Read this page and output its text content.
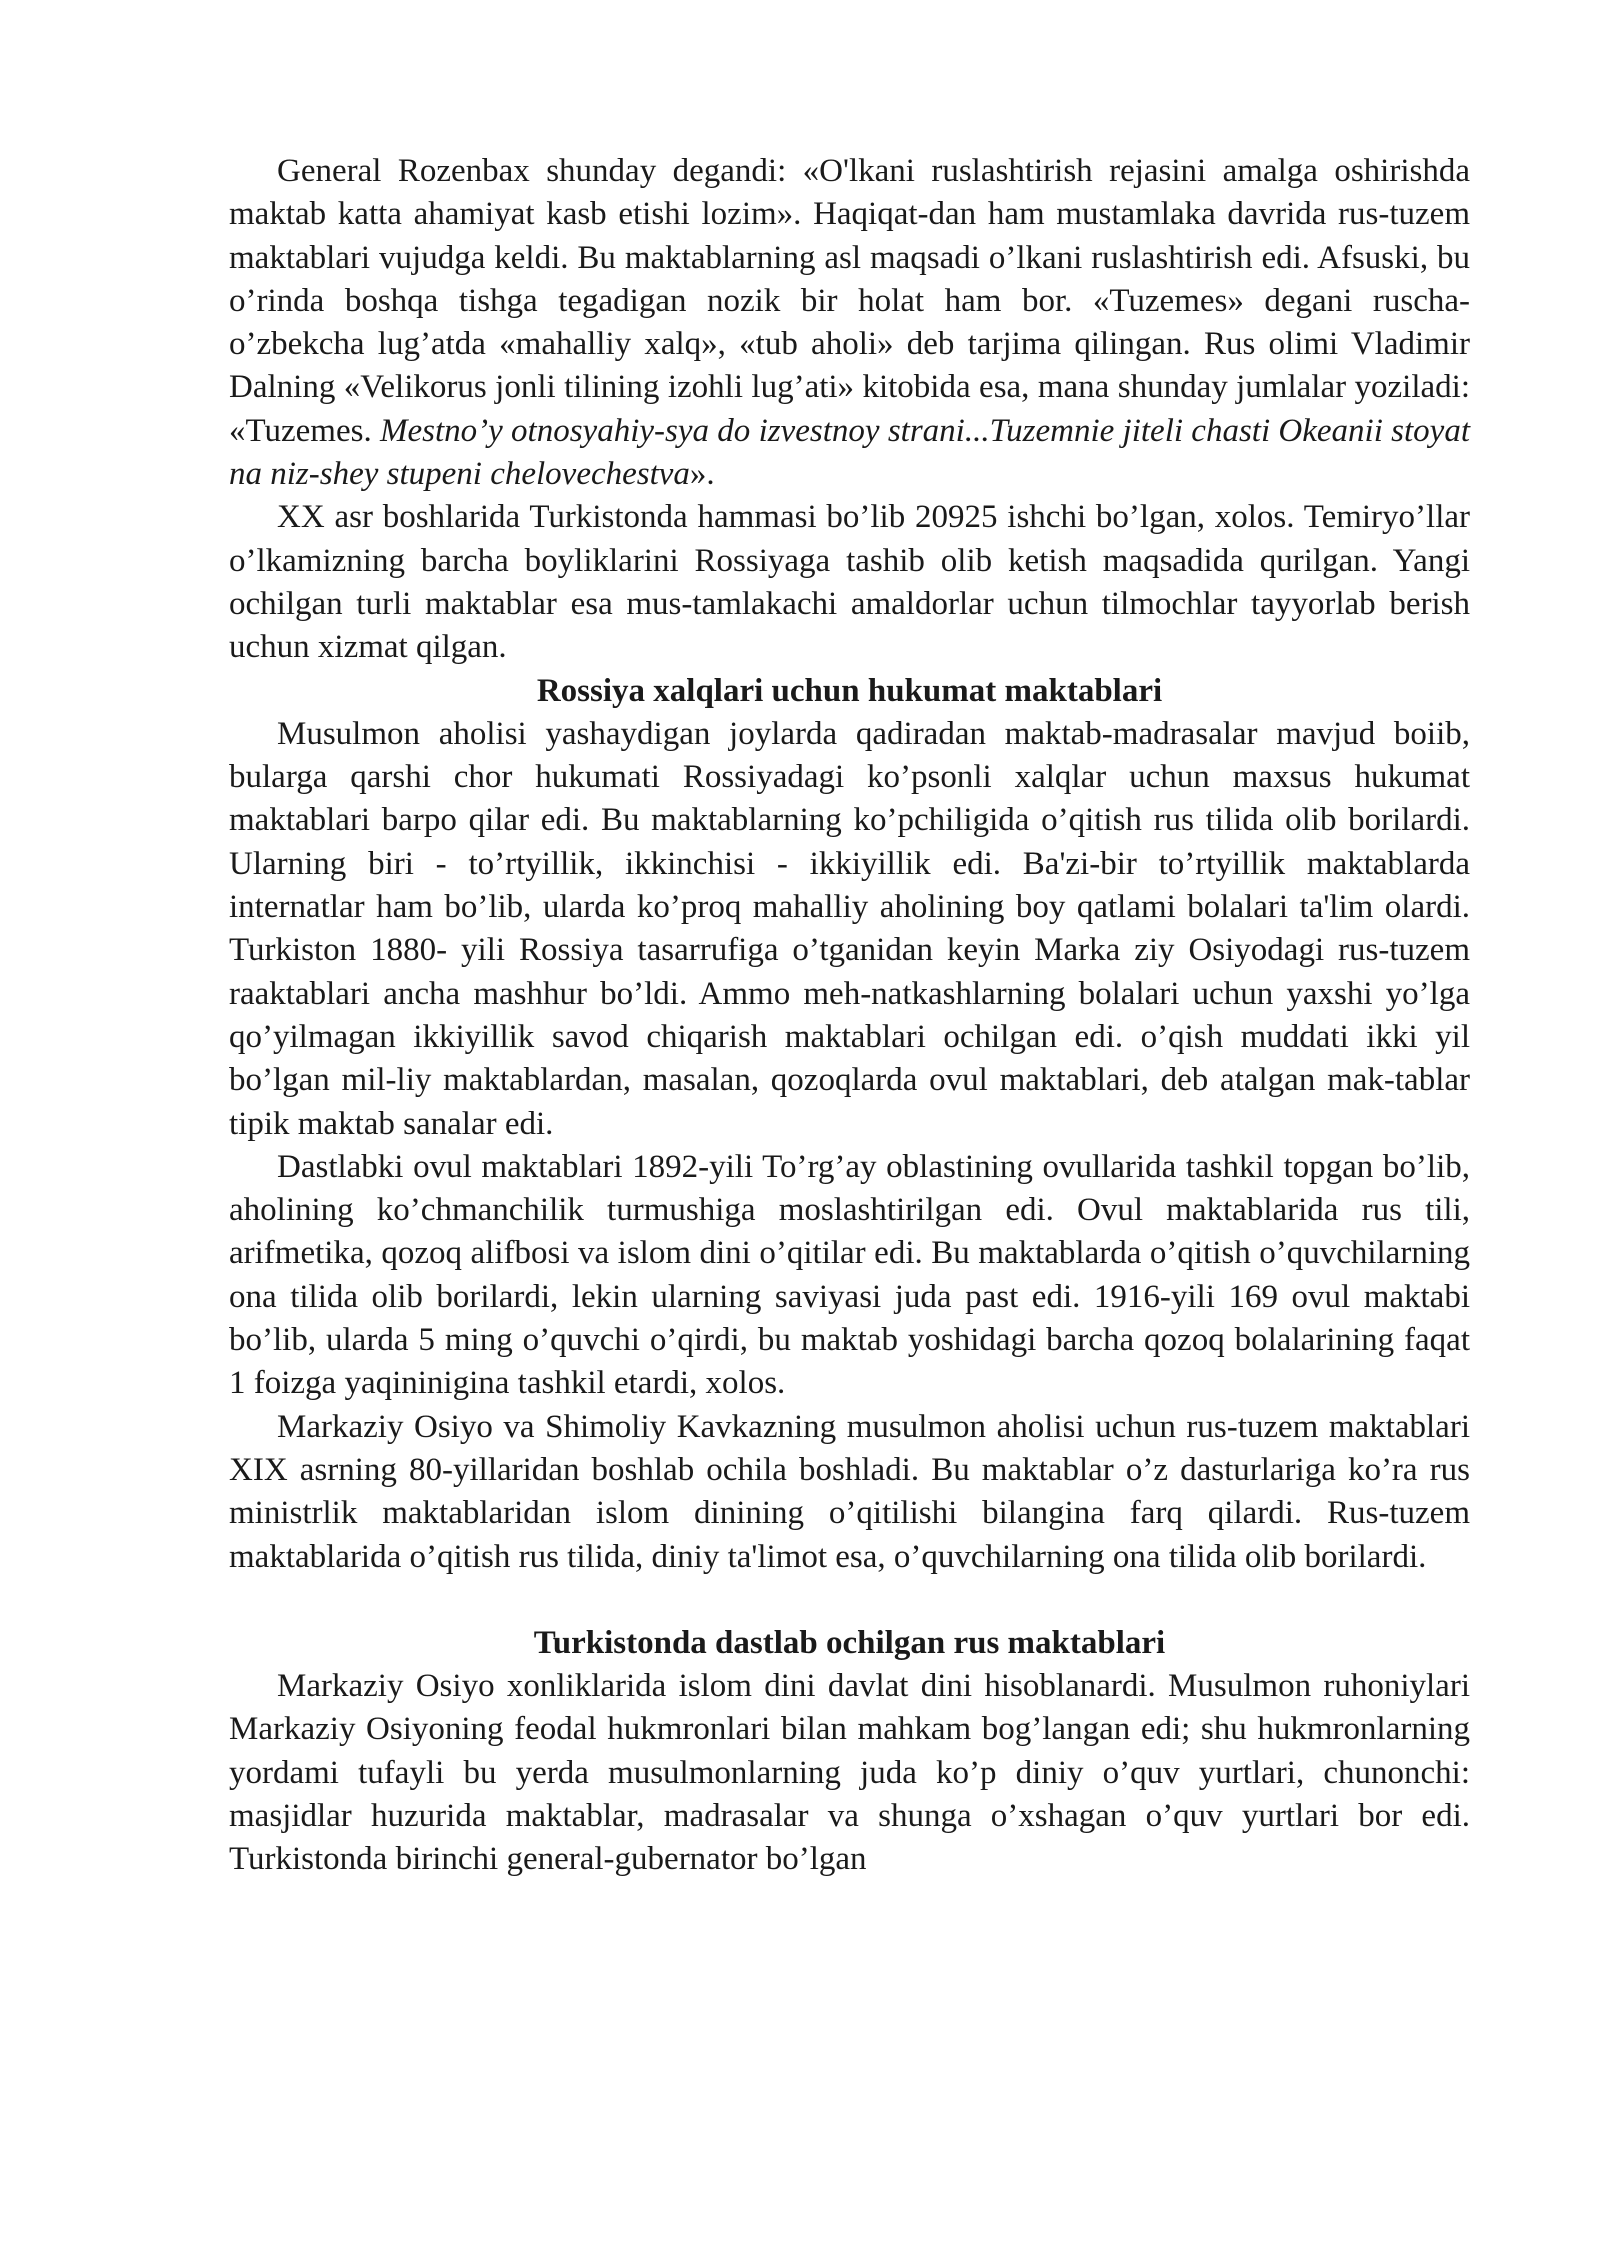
General Rozenbax shunday degandi: «O'lkani ruslashtirish rejasini amalga oshirishda maktab katta ahamiyat kasb etishi lozim». Haqiqat-dan ham mustamlaka davrida rus-tuzem maktablari vujudga keldi. Bu maktablarning asl maqsadi o’lkani ruslashtirish edi. Afsuski, bu o’rinda boshqa tishga tegadigan nozik bir holat ham bor. «Tuzemes» degani ruscha-o’zbekcha lug’atda «mahalliy xalq», «tub aholi» deb tarjima qilingan. Rus olimi Vladimir Dalning «Velikorus jonli tilining izohli lug’ati» kitobida esa, mana shunday jumlalar yoziladi: «Tuzemes. Mestno’y otnosyahiy-sya do izvestnoy strani...Tuzemnie jiteli chasti Okeanii stoyat na niz-shey stupeni chelovechestva».

XX asr boshlarida Turkistonda hammasi bo’lib 20925 ishchi bo’lgan, xolos. Temiryo’llar o’lkamizning barcha boyliklarini Rossiyaga tashib olib ketish maqsadida qurilgan. Yangi ochilgan turli maktablar esa mus-tamlakachi amaldorlar uchun tilmochlar tayyorlab berish uchun xizmat qilgan.

Rossiya xalqlari uchun hukumat maktablari

Musulmon aholisi yashaydigan joylarda qadiradan maktab-madrasalar mavjud boiib, bularga qarshi chor hukumati Rossiyadagi ko’psonli xalqlar uchun maxsus hukumat maktablari barpo qilar edi. Bu maktablarning ko’pchiligida o’qitish rus tilida olib borilardi. Ularning biri - to’rtyillik, ikkinchisi - ikkiyillik edi. Ba'zi-bir to’rtyillik maktablarda internatlar ham bo’lib, ularda ko’proq mahalliy aholining boy qatlami bolalari ta'lim olardi. Turkiston 1880- yili Rossiya tasarrufiga o’tganidan keyin Marka ziy Osiyodagi rus-tuzem raaktablari ancha mashhur bo’ldi. Ammo meh-natkashlarning bolalari uchun yaxshi yo’lga qo’yilmagan ikkiyillik savod chiqarish maktablari ochilgan edi. o’qish muddati ikki yil bo’lgan mil-liy maktablardan, masalan, qozoqlarda ovul maktablari, deb atalgan mak-tablar tipik maktab sanalar edi.

Dastlabki ovul maktablari 1892-yili To’rg’ay oblastining ovullarida tashkil topgan bo’lib, aholining ko’chmanchilik turmushiga moslashtirilgan edi. Ovul maktablarida rus tili, arifmetika, qozoq alifbosi va islom dini o’qitilar edi. Bu maktablarda o’qitish o’quvchilarning ona tilida olib borilardi, lekin ularning saviyasi juda past edi. 1916-yili 169 ovul maktabi bo’lib, ularda 5 ming o’quvchi o’qirdi, bu maktab yoshidagi barcha qozoq bolalarining faqat 1 foizga yaqininigina tashkil etardi, xolos.

Markaziy Osiyo va Shimoliy Kavkazning musulmon aholisi uchun rus-tuzem maktablari XIX asrning 80-yillaridan boshlab ochila boshladi. Bu maktablar o’z dasturlariga ko’ra rus ministrlik maktablaridan islom dinining o’qitilishi bilangina farq qilardi. Rus-tuzem maktablarida o’qitish rus tilida, diniy ta'limot esa, o’quvchilarning ona tilida olib borilardi.

Turkistonda dastlab ochilgan rus maktablari

Markaziy Osiyo xonliklarida islom dini davlat dini hisoblanardi. Musulmon ruhoniylari Markaziy Osiyoning feodal hukmronlari bilan mahkam bog’langan edi; shu hukmronlarning yordami tufayli bu yerda musulmonlarning juda ko’p diniy o’quv yurtlari, chunonchi: masjidlar huzurida maktablar, madrasalar va shunga o’xshagan o’quv yurtlari bor edi. Turkistonda birinchi general-gubernator bo’lgan
